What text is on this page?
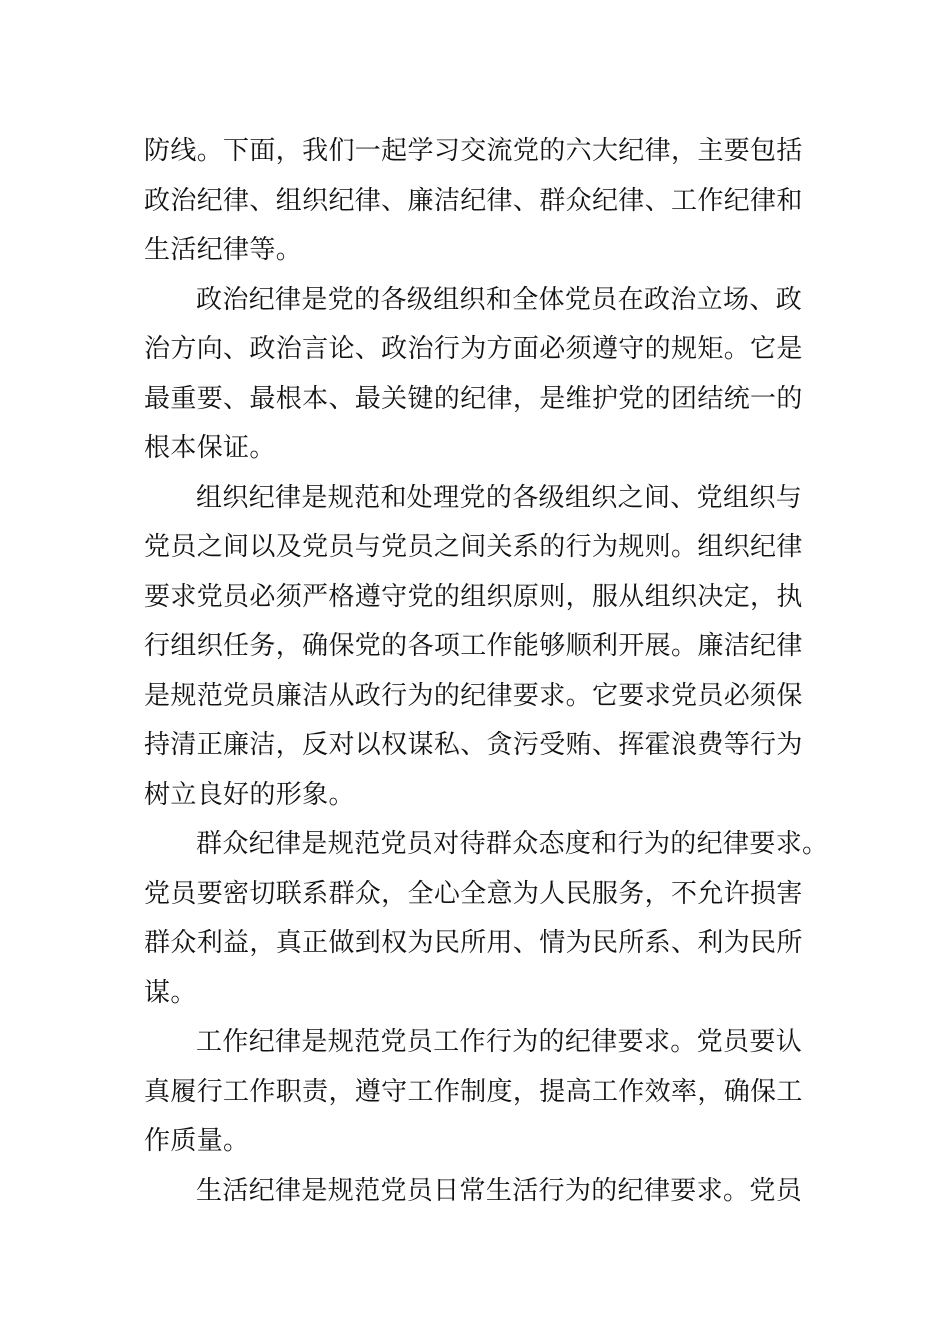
防线。下面，我们一起学习交流党的六大纪律，主要包括
政治纪律、组织纪律、廉洁纪律、群众纪律、工作纪律和
生活纪律等。
政治纪律是党的各级组织和全体党员在政治立场、政
治方向、政治言论、政治行为方面必须遵守的规矩。它是
最重要、最根本、最关键的纪律，是维护党的团结统一的
根本保证。
组织纪律是规范和处理党的各级组织之间、党组织与
党员之间以及党员与党员之间关系的行为规则。组织纪律
要求党员必须严格遵守党的组织原则，服从组织决定，执
行组织任务，确保党的各项工作能够顺利开展。廉洁纪律
是规范党员廉洁从政行为的纪律要求。它要求党员必须保
持清正廉洁，反对以权谋私、贪污受贿、挥霍浪费等行为
树立良好的形象。
群众纪律是规范党员对待群众态度和行为的纪律要求。
党员要密切联系群众，全心全意为人民服务，不允许损害
群众利益，真正做到权为民所用、情为民所系、利为民所
谋。
工作纪律是规范党员工作行为的纪律要求。党员要认
真履行工作职责，遵守工作制度，提高工作效率，确保工
作质量。
生活纪律是规范党员日常生活行为的纪律要求。党员
